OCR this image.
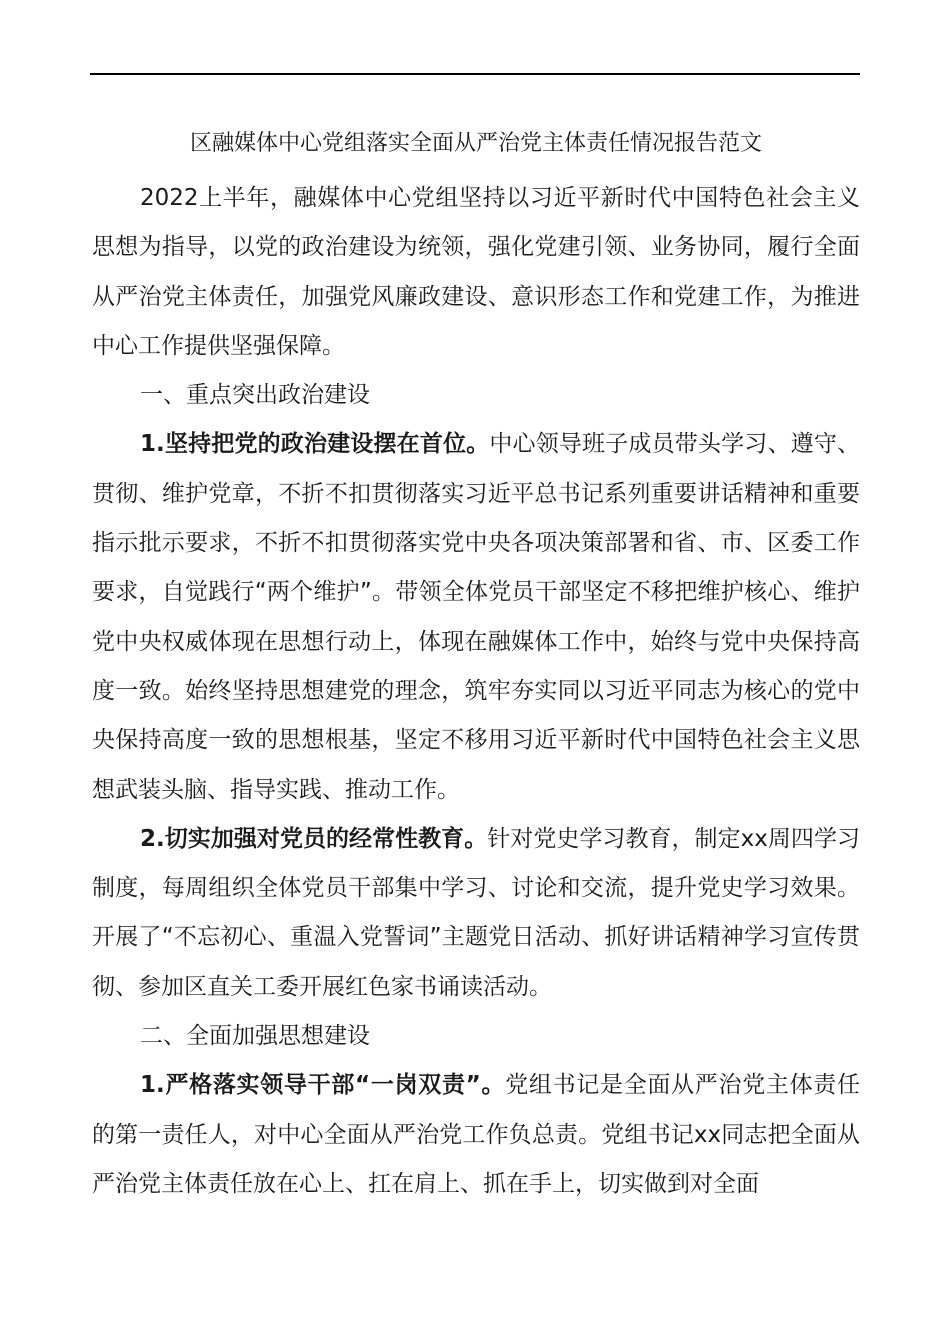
区融媒体中心党组落实全面从严治党主体责任情况报告范文

2022上半年，融媒体中心党组坚持以习近平新时代中国特色社会主义思想为指导，以党的政治建设为统领，强化党建引领、业务协同，履行全面从严治党主体责任，加强党风廉政建设、意识形态工作和党建工作，为推进中心工作提供坚强保障。

一、重点突出政治建设

1.坚持把党的政治建设摆在首位。中心领导班子成员带头学习、遵守、贯彻、维护党章，不折不扣贯彻落实习近平总书记系列重要讲话精神和重要指示批示要求，不折不扣贯彻落实党中央各项决策部署和省、市、区委工作要求，自觉践行“两个维护”。带领全体党员干部坚定不移把维护核心、维护党中央权威体现在思想行动上，体现在融媒体工作中，始终与党中央保持高度一致。始终坚持思想建党的理念，筑牢夯实同以习近平同志为核心的党中央保持高度一致的思想根基，坚定不移用习近平新时代中国特色社会主义思想武装头脑、指导实践、推动工作。

2.切实加强对党员的经常性教育。针对党史学习教育，制定xx周四学习制度，每周组织全体党员干部集中学习、讨论和交流，提升党史学习效果。开展了“不忘初心、重温入党誓词”主题党日活动、抓好讲话精神学习宣传贯彻、参加区直关工委开展红色家书诵读活动。

二、全面加强思想建设

1.严格落实领导干部“一岗双责”。党组书记是全面从严治党主体责任的第一责任人，对中心全面从严治党工作负总责。党组书记xx同志把全面从严治党主体责任放在心上、扛在肩上、抓在手上，切实做到对全面
